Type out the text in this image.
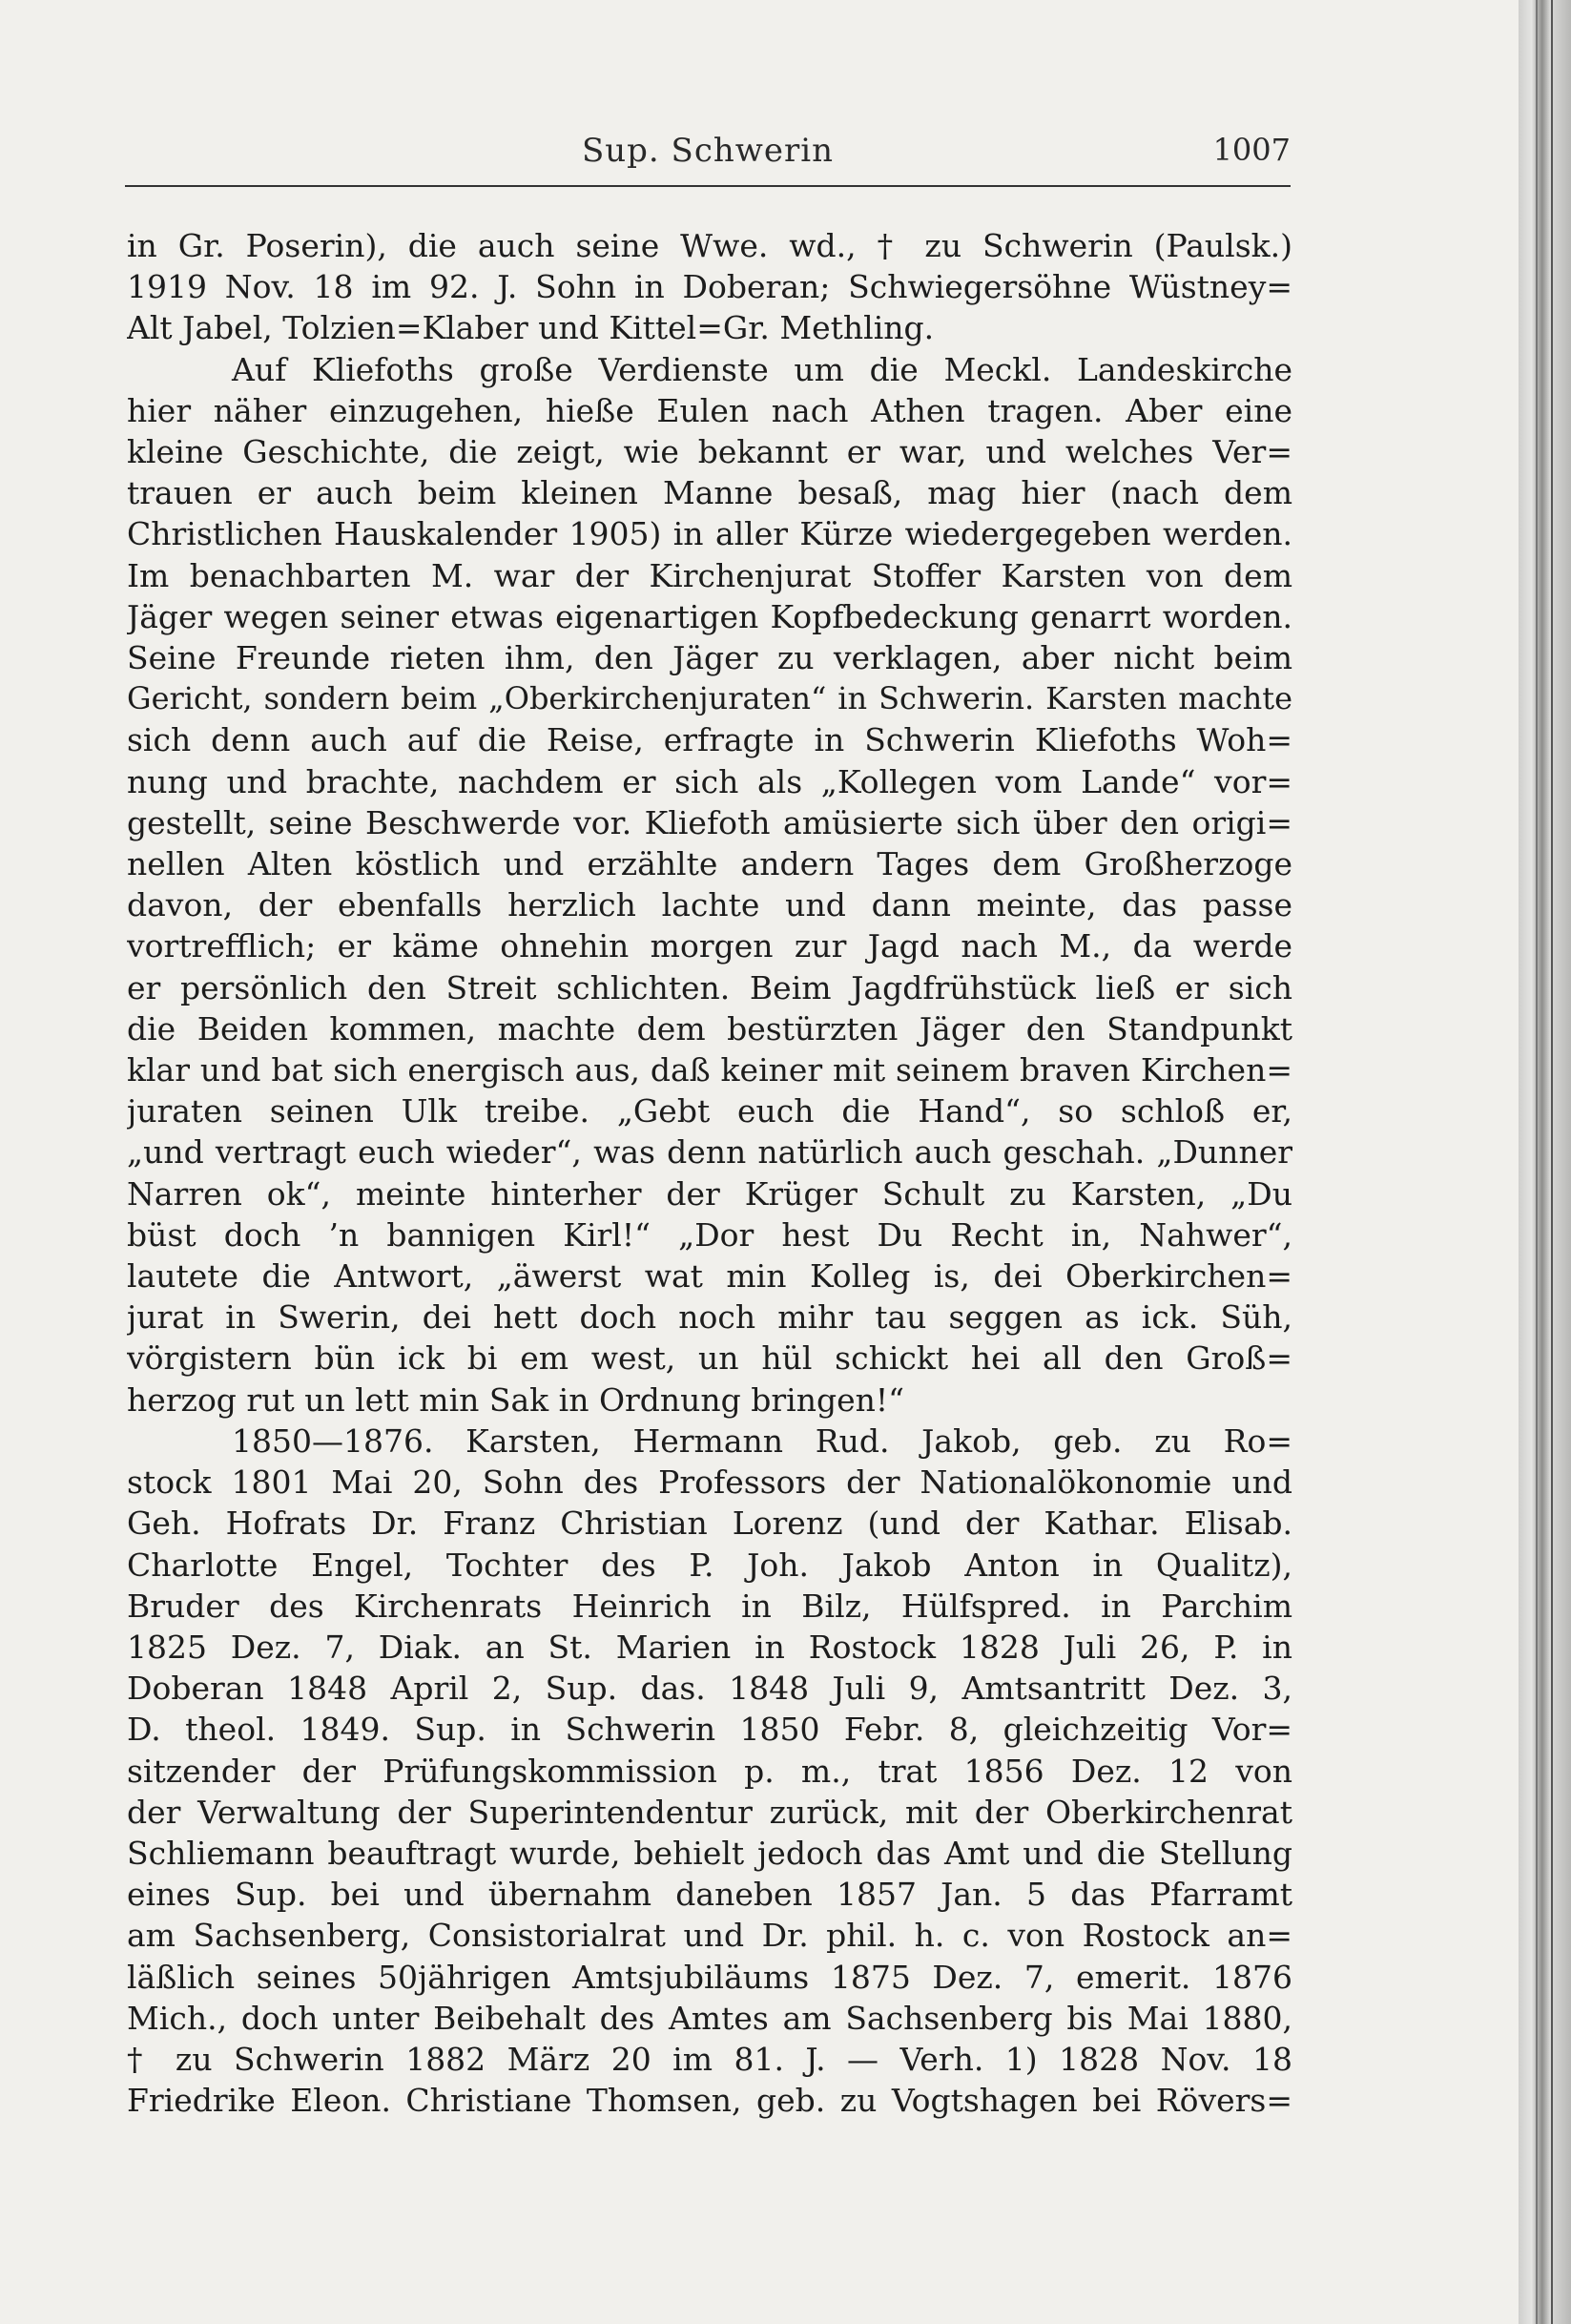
Sup. Schwerin	1007
in Gr. Poserin), die auch seine Wwe. wd., † zu Schwerin (Paulsk.)
1919 Nov. 18 im 92. J. Sohn in Doberan; Schwiegersöhne Wüstney=
Alt Jabel, Tolzien=Klaber und Kittel=Gr. Methling.
Auf Kliefoths große Verdienste um die Meckl. Landeskirche
hier näher einzugehen, hieße Eulen nach Athen tragen. Aber eine
kleine Geschichte, die zeigt, wie bekannt er war, und welches Ver=
trauen er auch beim kleinen Manne besaß, mag hier (nach dem
Christlichen Hauskalender 1905) in aller Kürze wiedergegeben werden.
Im benachbarten M. war der Kirchenjurat Stoffer Karsten von dem
Jäger wegen seiner etwas eigenartigen Kopfbedeckung genarrt worden.
Seine Freunde rieten ihm, den Jäger zu verklagen, aber nicht beim
Gericht, sondern beim „Oberkirchenjuraten“ in Schwerin. Karsten machte
sich denn auch auf die Reise, erfragte in Schwerin Kliefoths Woh=
nung und brachte, nachdem er sich als „Kollegen vom Lande“ vor=
gestellt, seine Beschwerde vor. Kliefoth amüsierte sich über den origi=
nellen Alten köstlich und erzählte andern Tages dem Großherzoge
davon, der ebenfalls herzlich lachte und dann meinte, das passe
vortrefflich; er käme ohnehin morgen zur Jagd nach M., da werde
er persönlich den Streit schlichten. Beim Jagdfrühstück ließ er sich
die Beiden kommen, machte dem bestürzten Jäger den Standpunkt
klar und bat sich energisch aus, daß keiner mit seinem braven Kirchen=
juraten seinen Ulk treibe. „Gebt euch die Hand“, so schloß er,
„und vertragt euch wieder“, was denn natürlich auch geschah. „Dunner
Narren ok“, meinte hinterher der Krüger Schult zu Karsten, „Du
büst doch ’n bannigen Kirl!“ „Dor hest Du Recht in, Nahwer“,
lautete die Antwort, „äwerst wat min Kolleg is, dei Oberkirchen=
jurat in Swerin, dei hett doch noch mihr tau seggen as ick. Süh,
vörgistern bün ick bi em west, un hül schickt hei all den Groß=
herzog rut un lett min Sak in Ordnung bringen!“
1850—1876. Karsten, Hermann Rud. Jakob, geb. zu Ro=
stock 1801 Mai 20, Sohn des Professors der Nationalökonomie und
Geh. Hofrats Dr. Franz Christian Lorenz (und der Kathar. Elisab.
Charlotte Engel, Tochter des P. Joh. Jakob Anton in Qualitz),
Bruder des Kirchenrats Heinrich in Bilz, Hülfspred. in Parchim
1825 Dez. 7, Diak. an St. Marien in Rostock 1828 Juli 26, P. in
Doberan 1848 April 2, Sup. das. 1848 Juli 9, Amtsantritt Dez. 3,
D. theol. 1849. Sup. in Schwerin 1850 Febr. 8, gleichzeitig Vor=
sitzender der Prüfungskommission p. m., trat 1856 Dez. 12 von
der Verwaltung der Superintendentur zurück, mit der Oberkirchenrat
Schliemann beauftragt wurde, behielt jedoch das Amt und die Stellung
eines Sup. bei und übernahm daneben 1857 Jan. 5 das Pfarramt
am Sachsenberg, Consistorialrat und Dr. phil. h. c. von Rostock an=
läßlich seines 50jährigen Amtsjubiläums 1875 Dez. 7, emerit. 1876
Mich., doch unter Beibehalt des Amtes am Sachsenberg bis Mai 1880,
† zu Schwerin 1882 März 20 im 81. J. — Verh. 1) 1828 Nov. 18
Friedrike Eleon. Christiane Thomsen, geb. zu Vogtshagen bei Rövers=
